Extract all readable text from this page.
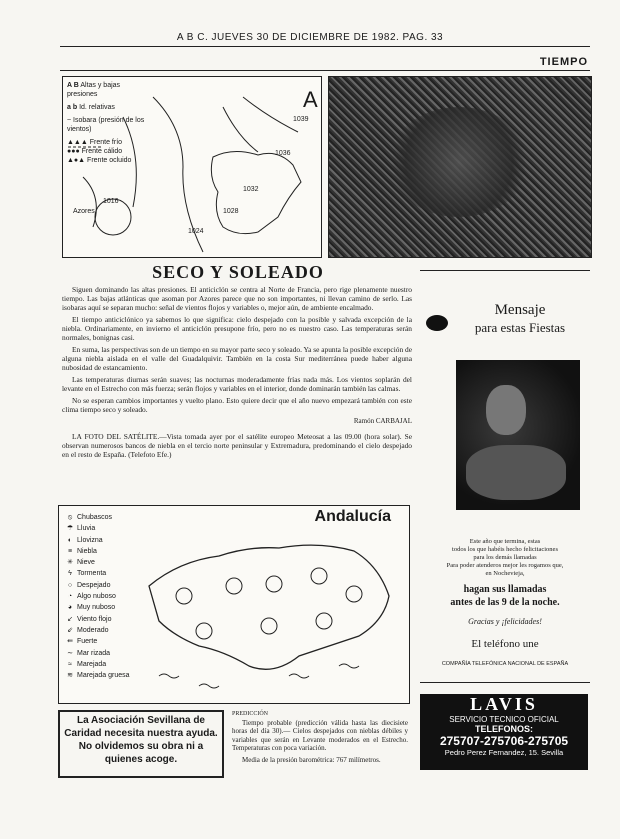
A B C. JUEVES 30 DE DICIEMBRE DE 1982. PAG. 33
TIEMPO
A B Altas y bajas presiones
a b Id. relativas
~ Isobara (presión de los vientos)
▲▲▲ Frente frío
●●● Frente cálido
▲●▲ Frente ocluido
A
1039
1036
1032
1028
1024
1016
Azores
SECO Y SOLEADO

Siguen dominando las altas presiones. El anticiclón se centra al Norte de Francia, pero rige plenamente nuestro tiempo. Las bajas atlánticas que asoman por Azores parece que no son importantes, ni llevan camino de serlo. Las isobaras aquí se separan mucho: señal de vientos flojos y variables o, mejor aún, de ambiente encalmado.

El tiempo anticiclónico ya sabemos lo que significa: cielo despejado con la posible y salvada excepción de la niebla. Ordinariamente, en invierno el anticiclón presupone frío, pero no es nuestro caso. Las temperaturas serán normales, bonignas casi.

En suma, las perspectivas son de un tiempo en su mayor parte seco y soleado. Ya se apunta la posible excepción de alguna niebla aislada en el valle del Guadalquivir. También en la costa Sur mediterránea puede haber alguna nubosidad de estancamiento.

Las temperaturas diurnas serán suaves; las nocturnas moderadamente frías nada más. Los vientos soplarán del levante en el Estrecho con más fuerza; serán flojos y variables en el interior, donde dominarán también las calmas.

No se esperan cambios importantes y vuelto plano. Esto quiere decir que el año nuevo empezará también con este clima tiempo seco y soleado.

Ramón CARBAJAL

LA FOTO DEL SATÉLITE.—Vista tomada ayer por el satélite europeo Meteosat a las 09.00 (hora solar). Se observan numerosos bancos de niebla en el tercio norte peninsular y Extremadura, predominando el cielo despejado en el resto de España. (Telefoto Efe.)

Andalucía
⦸ Chubascos
☂ Lluvia
◐ Llovizna
≡ Niebla
✳ Nieve
ϟ Tormenta
○ Despejado
◔ Algo nuboso
◕ Muy nuboso
↙ Viento flojo
⇙ Moderado
⇚ Fuerte
∼ Mar rizada
≈ Marejada
≋ Marejada gruesa
La Asociación Sevillana de Caridad necesita nuestra ayuda. No olvidemos su obra ni a quienes acoge.
PREDICCIÓN

Tiempo probable (predicción válida hasta las diecisiete horas del día 30).— Cielos despejados con nieblas débiles y variables que serán en Levante moderados en el Estrecho. Temperaturas con poca variación.

Media de la presión barométrica: 767 milímetros.

Mensaje
para estas Fiestas
Este año que termina, estas
todos los que habéis hecho felicitaciones
para los demás llamadas
Para poder atenderos mejor les rogamos que,
en Nochevieja,
hagan sus llamadas
antes de las 9 de la noche.
Gracias y ¡felicidades!
El teléfono une
COMPAÑÍA TELEFÓNICA NACIONAL DE ESPAÑA
LAVIS
SERVICIO TECNICO OFICIAL
TELEFONOS:
275707-275706-275705
Pedro Perez Fernandez, 15. Sevilla
